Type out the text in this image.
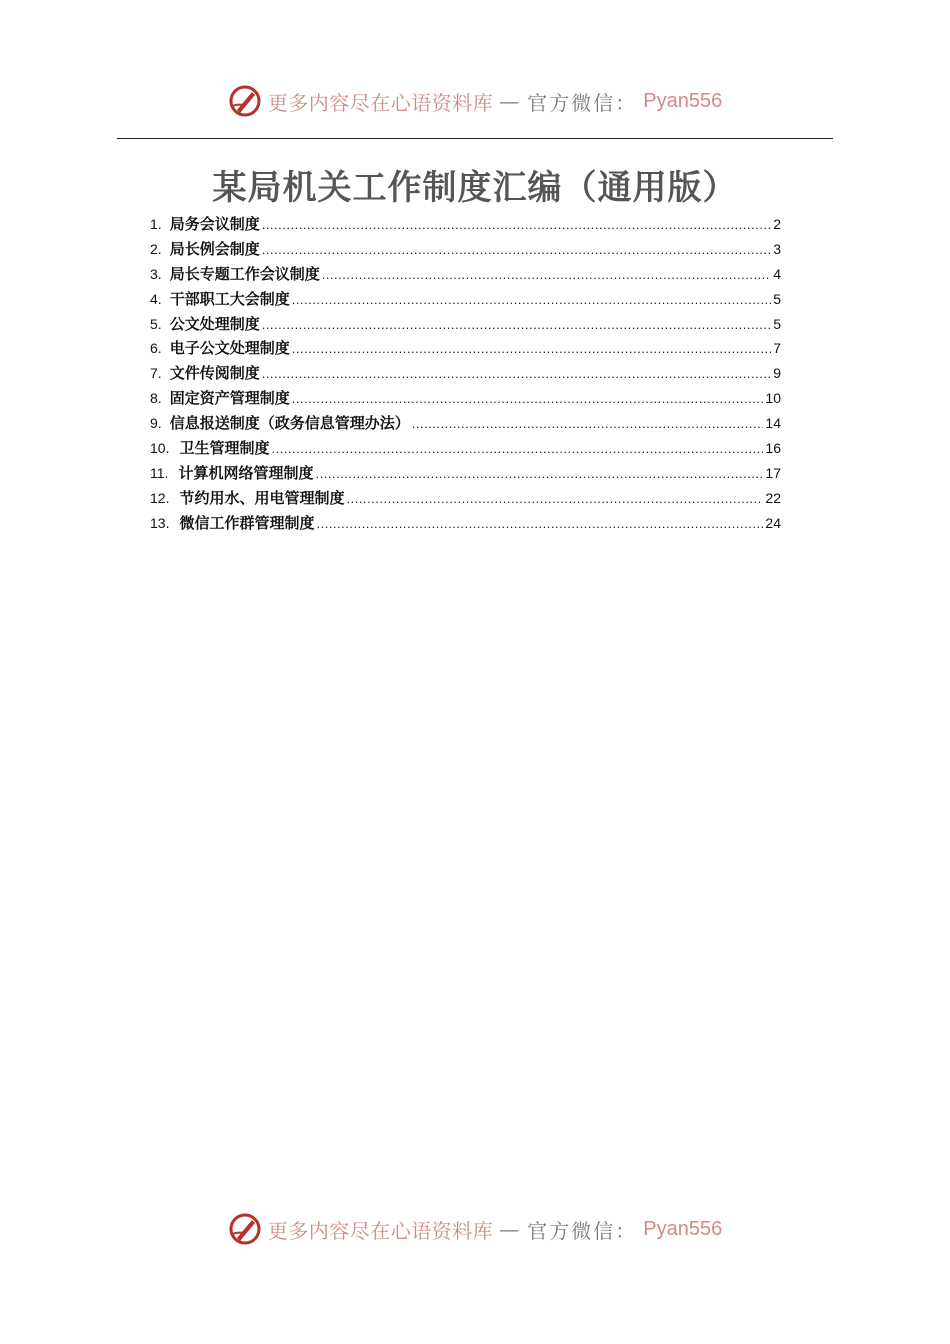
更多内容尽在心语资料库 — 官方微信： Pyan556
某局机关工作制度汇编（通用版）
1. 局务会议制度 .....	2
2. 局长例会制度 .....	3
3. 局长专题工作会议制度 .....	4
4. 干部职工大会制度 .....	5
5. 公文处理制度 .....	5
6. 电子公文处理制度 .....	7
7. 文件传阅制度 .....	9
8. 固定资产管理制度 .....	10
9. 信息报送制度（政务信息管理办法） .....	14
10. 卫生管理制度 .....	16
11. 计算机网络管理制度 .....	17
12. 节约用水、用电管理制度 .....	22
13. 微信工作群管理制度 .....	24
更多内容尽在心语资料库 — 官方微信： Pyan556
